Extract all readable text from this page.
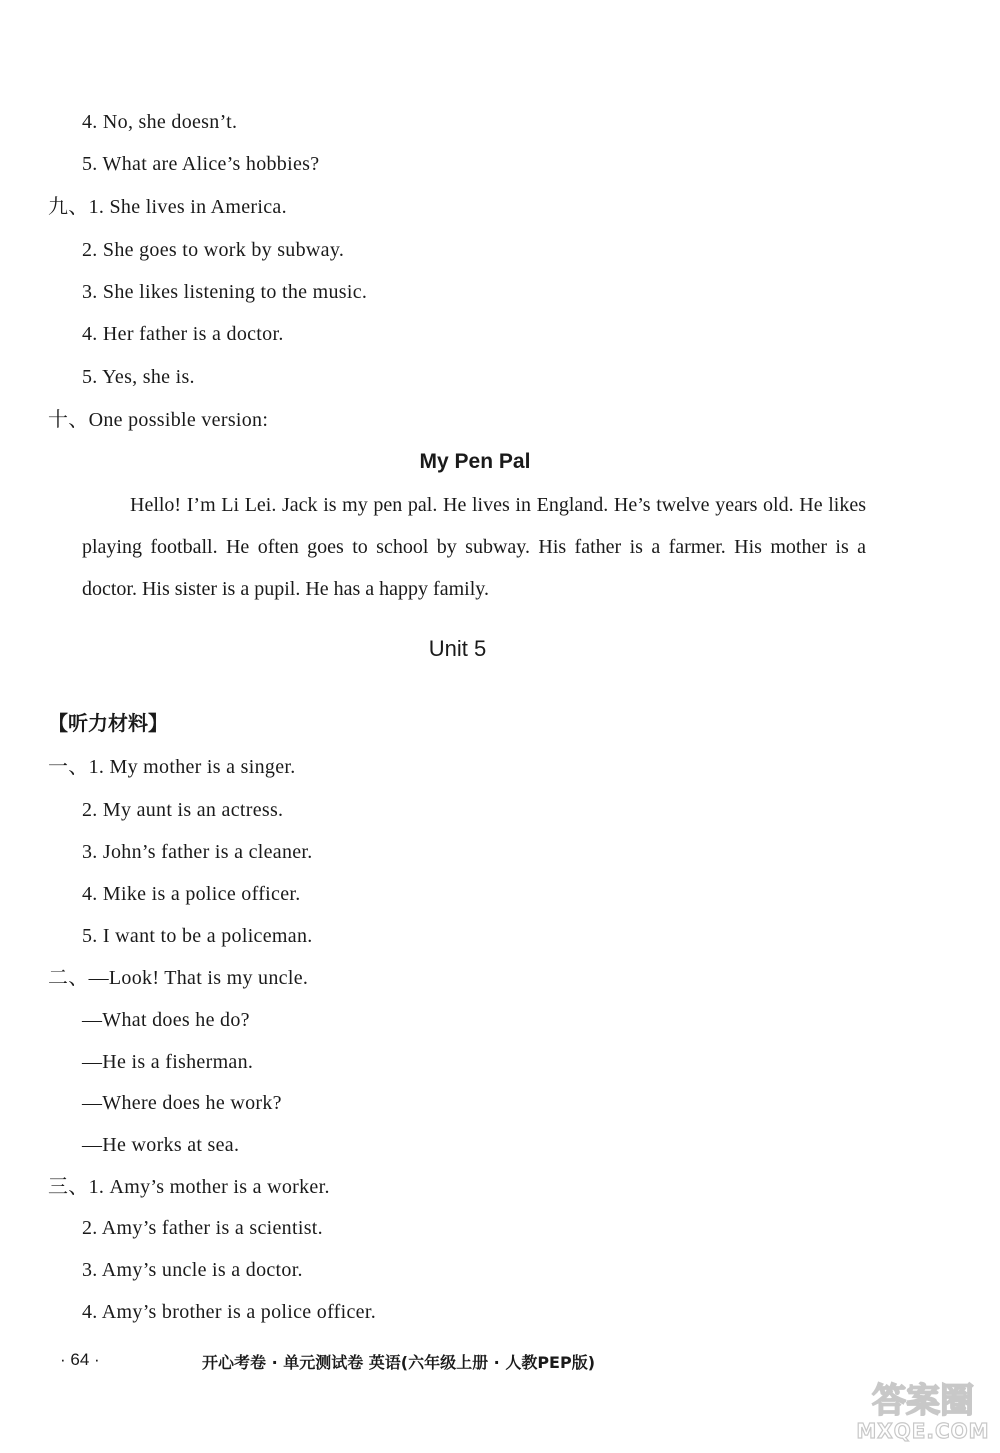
4. No, she doesn’t.
5. What are Alice’s hobbies?
九、1. She lives in America.
2. She goes to work by subway.
3. She likes listening to the music.
4. Her father is a doctor.
5. Yes, she is.
十、One possible version:
My Pen Pal
Hello! I’m Li Lei. Jack is my pen pal. He lives in England. He’s twelve years old. He likes playing football. He often goes to school by subway. His father is a farmer. His mother is a doctor. His sister is a pupil. He has a happy family.
Unit 5
【听力材料】
一、1. My mother is a singer.
2. My aunt is an actress.
3. John’s father is a cleaner.
4. Mike is a police officer.
5. I want to be a policeman.
二、—Look! That is my uncle.
—What does he do?
—He is a fisherman.
—Where does he work?
—He works at sea.
三、1. Amy’s mother is a worker.
2. Amy’s father is a scientist.
3. Amy’s uncle is a doctor.
4. Amy’s brother is a police officer.
· 64 ·	开心考卷 · 单元测试卷 英语(六年级上册 · 人教PEP版)
答案圈
MXQE.COM
